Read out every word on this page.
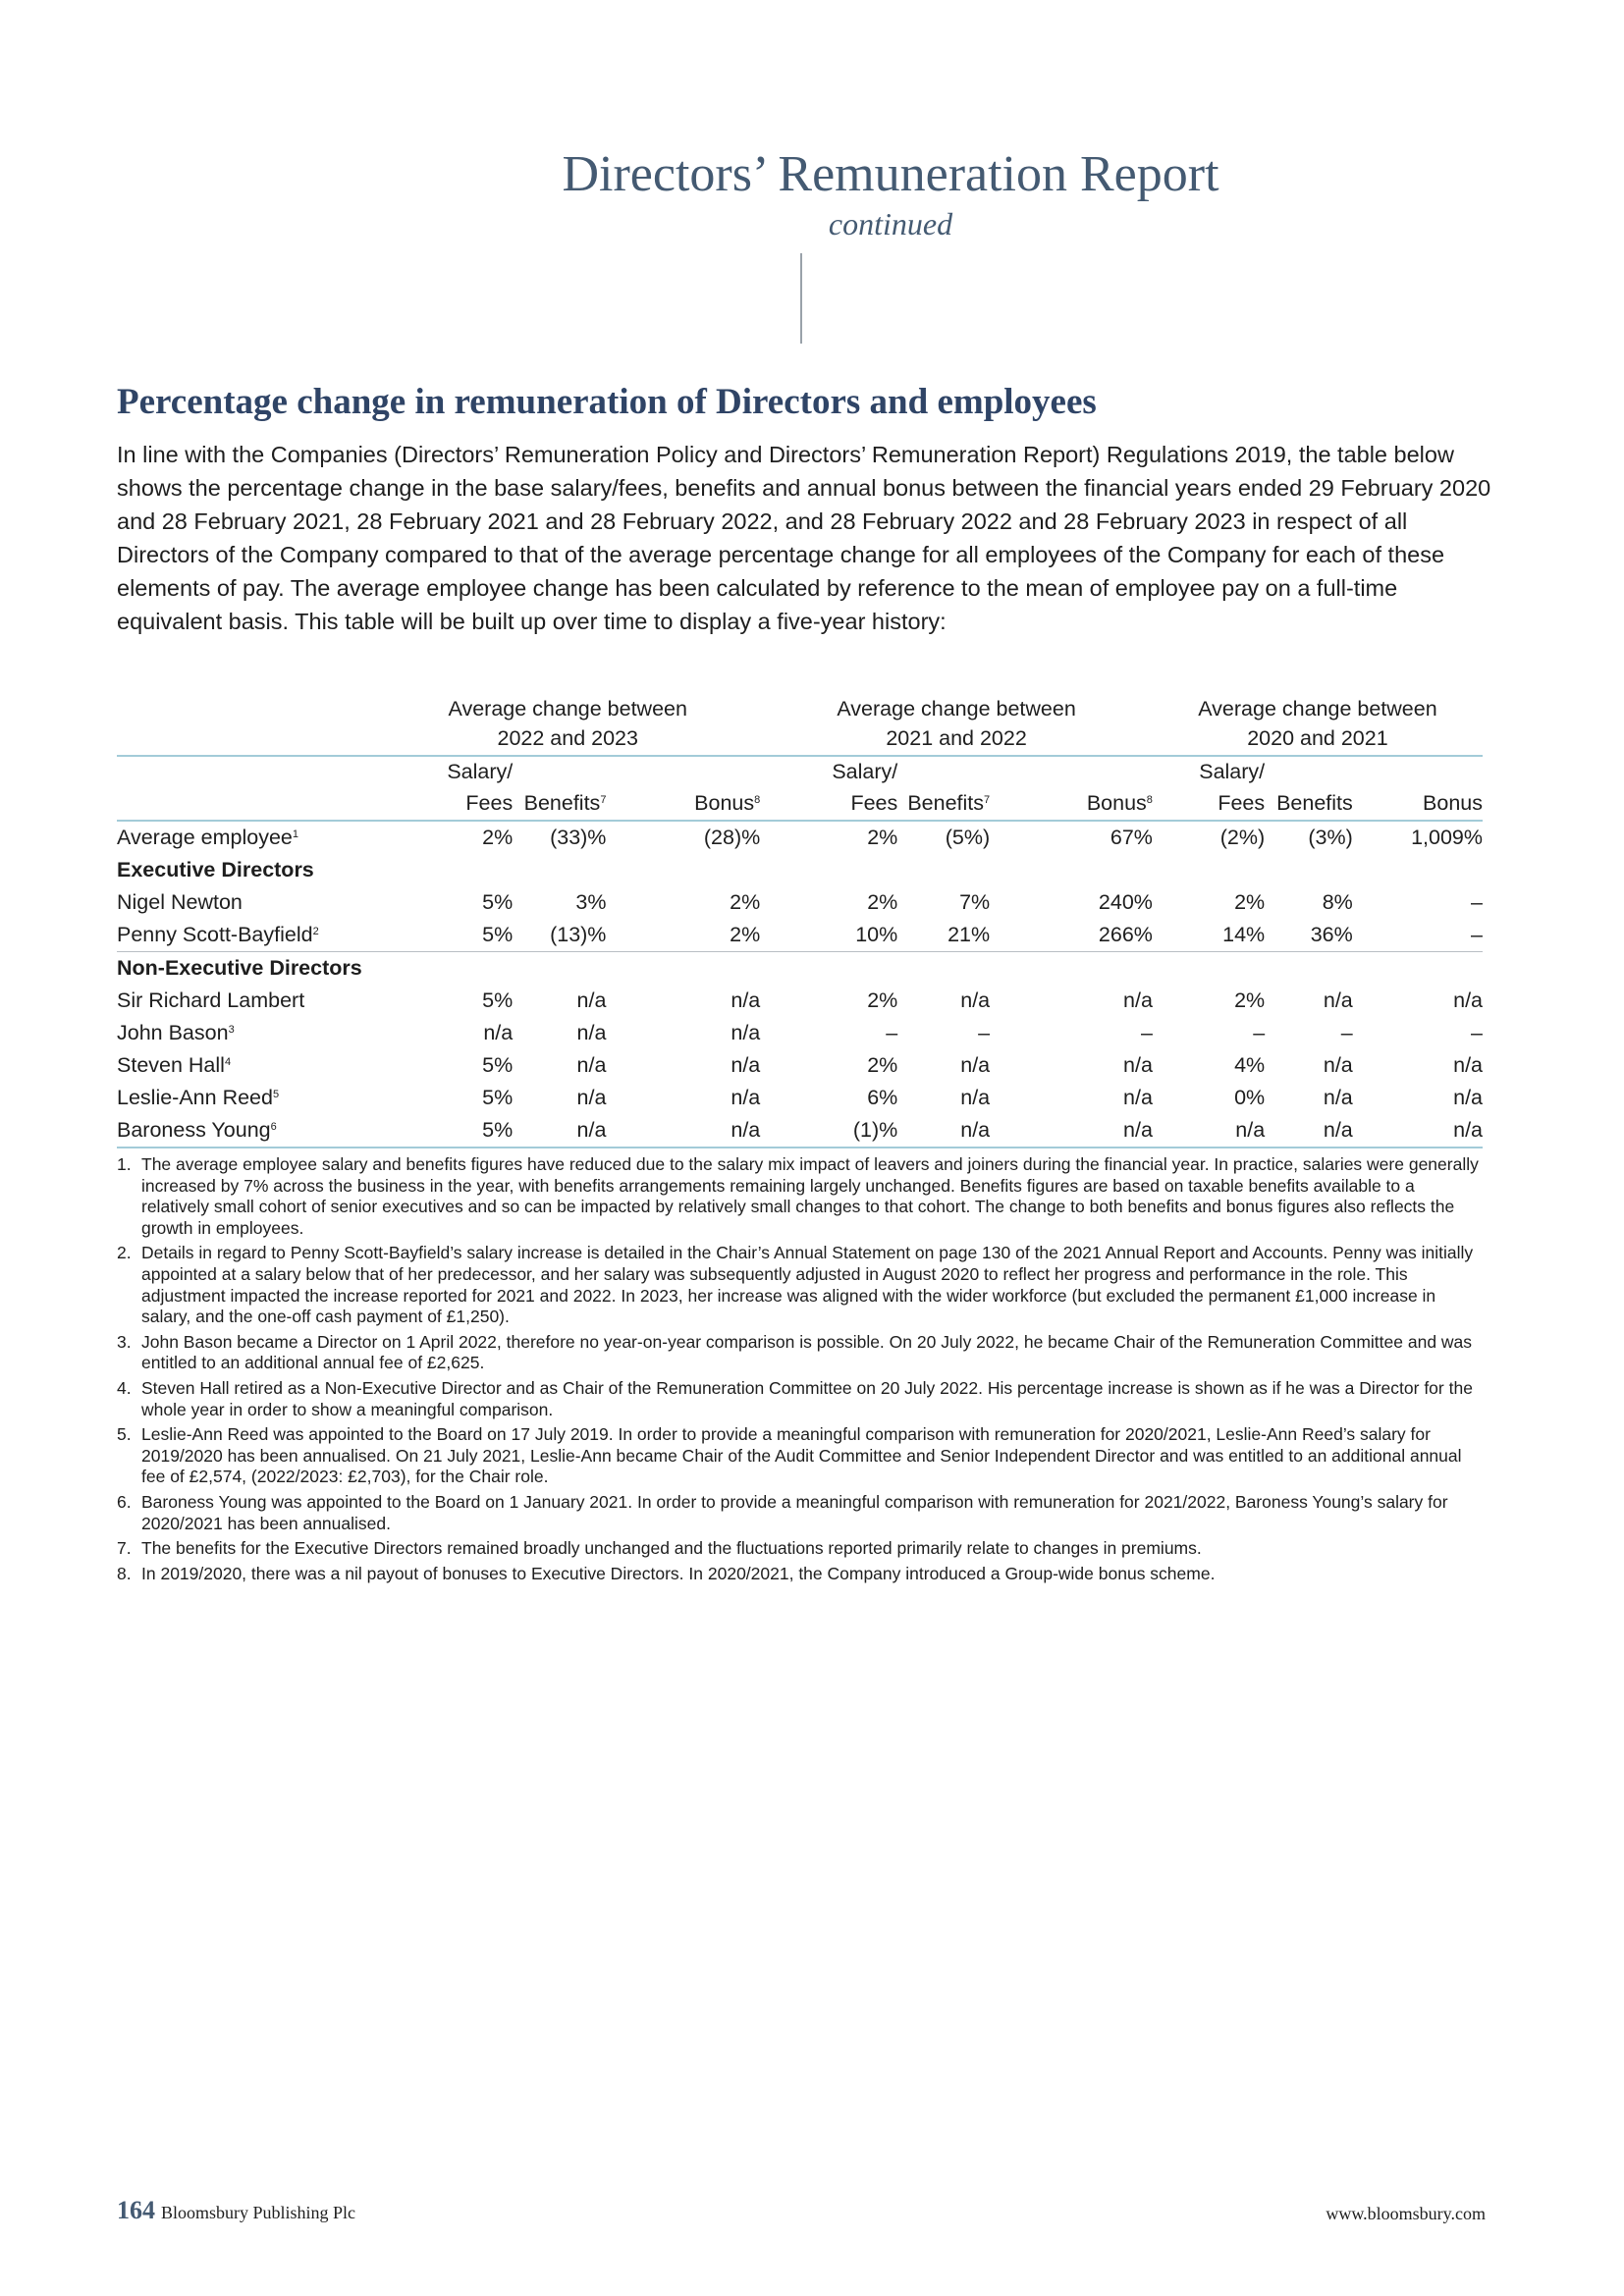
Directors’ Remuneration Report
continued
Percentage change in remuneration of Directors and employees

In line with the Companies (Directors’ Remuneration Policy and Directors’ Remuneration Report) Regulations 2019, the table below shows the percentage change in the base salary/fees, benefits and annual bonus between the financial years ended 29 February 2020 and 28 February 2021, 28 February 2021 and 28 February 2022, and 28 February 2022 and 28 February 2023 in respect of all Directors of the Company compared to that of the average percentage change for all employees of the Company for each of these elements of pay. The average employee change has been calculated by reference to the mean of employee pay on a full-time equivalent basis. This table will be built up over time to display a five-year history:

	Average change between
2022 and 2023			Average change between
2021 and 2022			Average change between
2020 and 2021		
	Salary/			Salary/			Salary/		
	Fees	Benefits$^7$	Bonus$^8$	Fees	Benefits$^7$	Bonus$^8$	Fees	Benefits	Bonus
Average employee$^1$	2%	(33)%	(28)%	2%	(5%)	67%	(2%)	(3%)	1,009%
Executive Directors									
Nigel Newton	5%	3%	2%	2%	7%	240%	2%	8%	–
Penny Scott-Bayfield$^2$	5%	(13)%	2%	10%	21%	266%	14%	36%	–
Non-Executive Directors									
Sir Richard Lambert	5%	n/a	n/a	2%	n/a	n/a	2%	n/a	n/a
John Bason$^3$	n/a	n/a	n/a	–	–	–	–	–	–
Steven Hall$^4$	5%	n/a	n/a	2%	n/a	n/a	4%	n/a	n/a
Leslie-Ann Reed$^5$	5%	n/a	n/a	6%	n/a	n/a	0%	n/a	n/a
Baroness Young$^6$	5%	n/a	n/a	(1)%	n/a	n/a	n/a	n/a	n/a
1. The average employee salary and benefits figures have reduced due to the salary mix impact of leavers and joiners during the financial year. In practice, salaries were generally increased by 7% across the business in the year, with benefits arrangements remaining largely unchanged. Benefits figures are based on taxable benefits available to a relatively small cohort of senior executives and so can be impacted by relatively small changes to that cohort. The change to both benefits and bonus figures also reflects the growth in employees.
2. Details in regard to Penny Scott-Bayfield’s salary increase is detailed in the Chair’s Annual Statement on page 130 of the 2021 Annual Report and Accounts. Penny was initially appointed at a salary below that of her predecessor, and her salary was subsequently adjusted in August 2020 to reflect her progress and performance in the role. This adjustment impacted the increase reported for 2021 and 2022. In 2023, her increase was aligned with the wider workforce (but excluded the permanent £1,000 increase in salary, and the one-off cash payment of £1,250).
3. John Bason became a Director on 1 April 2022, therefore no year-on-year comparison is possible. On 20 July 2022, he became Chair of the Remuneration Committee and was entitled to an additional annual fee of £2,625.
4. Steven Hall retired as a Non-Executive Director and as Chair of the Remuneration Committee on 20 July 2022. His percentage increase is shown as if he was a Director for the whole year in order to show a meaningful comparison.
5. Leslie-Ann Reed was appointed to the Board on 17 July 2019. In order to provide a meaningful comparison with remuneration for 2020/2021, Leslie-Ann Reed’s salary for 2019/2020 has been annualised. On 21 July 2021, Leslie-Ann became Chair of the Audit Committee and Senior Independent Director and was entitled to an additional annual fee of £2,574, (2022/2023: £2,703), for the Chair role.
6. Baroness Young was appointed to the Board on 1 January 2021. In order to provide a meaningful comparison with remuneration for 2021/2022, Baroness Young’s salary for 2020/2021 has been annualised.
7. The benefits for the Executive Directors remained broadly unchanged and the fluctuations reported primarily relate to changes in premiums.
8. In 2019/2020, there was a nil payout of bonuses to Executive Directors. In 2020/2021, the Company introduced a Group-wide bonus scheme.
164 Bloomsbury Publishing Plc	www.bloomsbury.com
